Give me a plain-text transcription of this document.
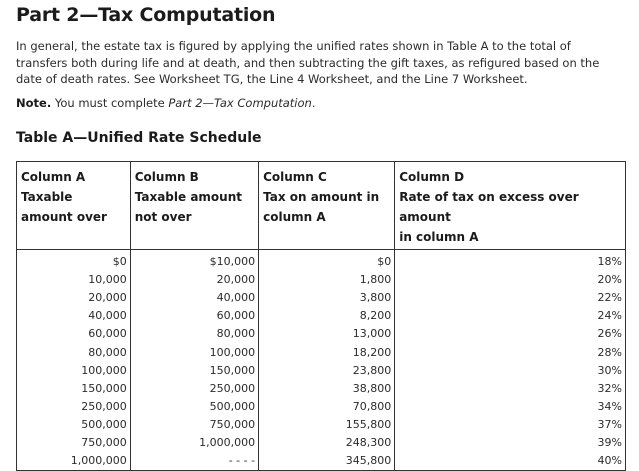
Part 2—Tax Computation

In general, the estate tax is figured by applying the unified rates shown in Table A to the total of transfers both during life and at death, and then subtracting the gift taxes, as refigured based on the date of death rates. See Worksheet TG, the Line 4 Worksheet, and the Line 7 Worksheet.

Note. You must complete Part 2—Tax Computation.

Table A—Unified Rate Schedule
Column A
Taxable
amount over	Column B
Taxable amount
not over	Column C
Tax on amount in
column A	Column D
Rate of tax on excess over amount
in column A

$0	$10,000	$0	18%
10,000	20,000	1,800	20%
20,000	40,000	3,800	22%
40,000	60,000	8,200	24%
60,000	80,000	13,000	26%
80,000	100,000	18,200	28%
100,000	150,000	23,800	30%
150,000	250,000	38,800	32%
250,000	500,000	70,800	34%
500,000	750,000	155,800	37%
750,000	1,000,000	248,300	39%
1,000,000	- - - -	345,800	40%
